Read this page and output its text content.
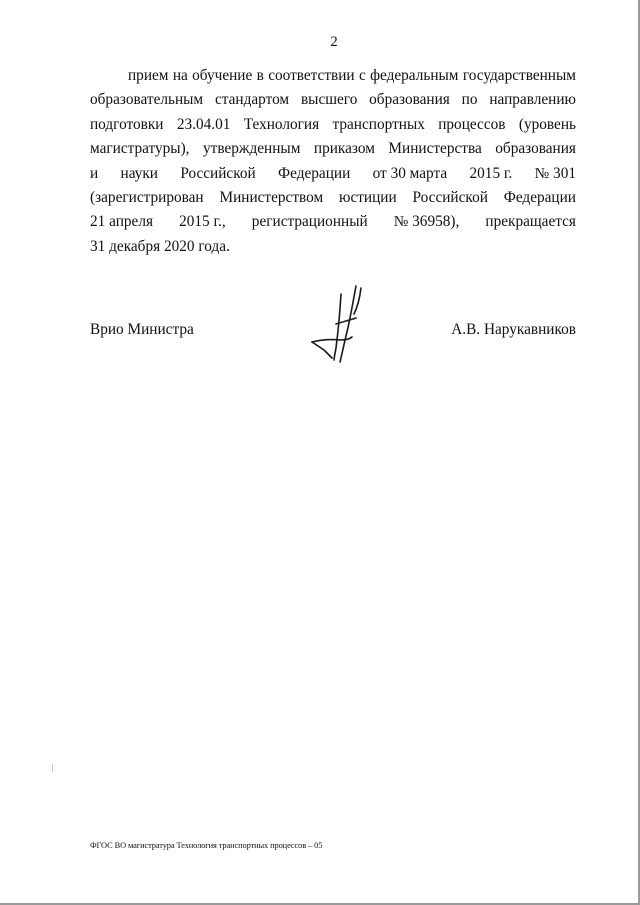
2
прием на обучение в соответствии с федеральным государственным
образовательным стандартом высшего образования по направлению
подготовки 23.04.01 Технология транспортных процессов (уровень
магистратуры), утвержденным приказом Министерства образования
и науки Российской Федерации от 30 марта 2015 г. № 301
(зарегистрирован Министерством юстиции Российской Федерации
21 апреля 2015 г., регистрационный № 36958), прекращается
31 декабря 2020 года.
Врио Министра	А.В. Нарукавников
ФГОС ВО магистратура Технология транспортных процессов – 05
